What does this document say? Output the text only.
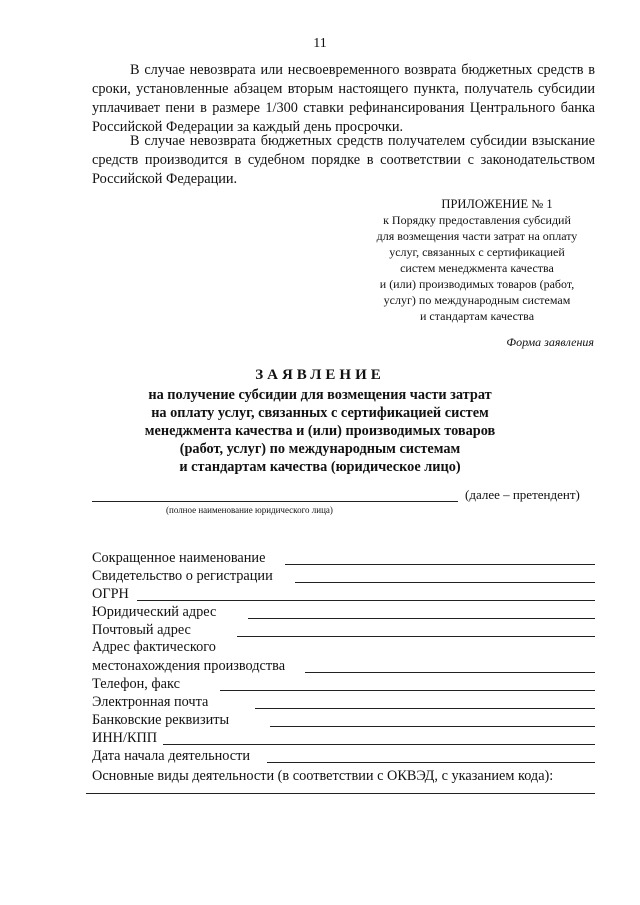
11
В случае невозврата или несвоевременного возврата бюджетных средств в сроки, установленные абзацем вторым настоящего пункта, получатель субсидии уплачивает пени в размере 1/300 ставки рефинансирования Центрального банка Российской Федерации за каждый день просрочки.
В случае невозврата бюджетных средств получателем субсидии взыскание средств производится в судебном порядке в соответствии с законодательством Российской Федерации.
ПРИЛОЖЕНИЕ № 1
к Порядку предоставления субсидий
для возмещения части затрат на оплату
услуг, связанных с сертификацией
систем менеджмента качества
и (или) производимых товаров (работ,
услуг) по международным системам
и стандартам качества
Форма заявления
ЗАЯВЛЕНИЕ
на получение субсидии для возмещения части затрат
на оплату услуг, связанных с сертификацией систем
менеджмента качества и (или) производимых товаров
(работ, услуг) по международным системам
и стандартам качества (юридическое лицо)
(далее – претендент)
(полное наименование юридического лица)
Сокращенное наименование
Свидетельство о регистрации
ОГРН
Юридический адрес
Почтовый адрес
Адрес фактического
местонахождения производства
Телефон, факс
Электронная почта
Банковские реквизиты
ИНН/КПП
Дата начала деятельности
Основные виды деятельности (в соответствии с ОКВЭД, с указанием кода):
